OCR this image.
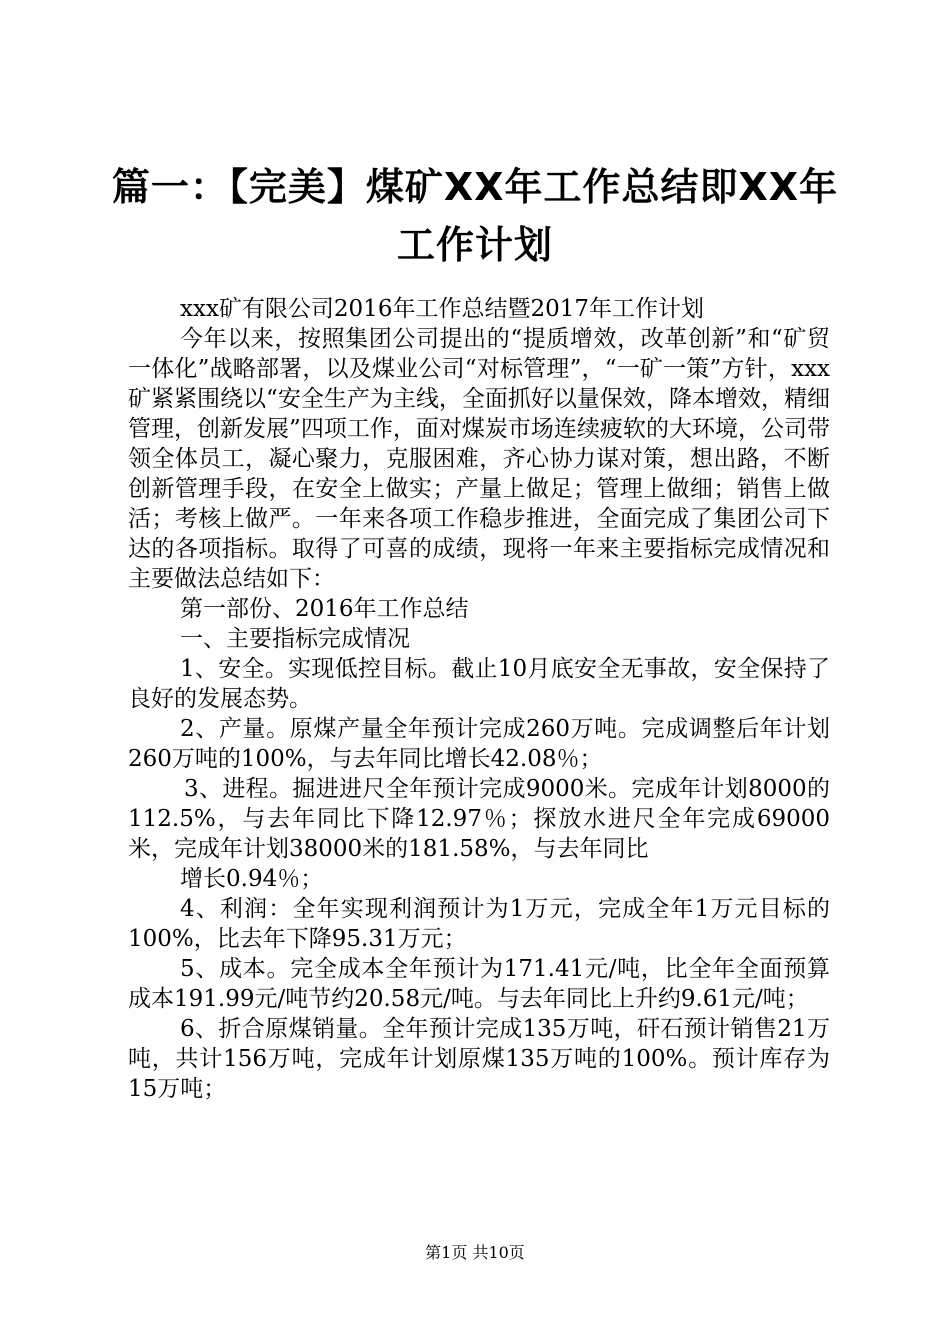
篇一：【完美】煤矿XX年工作总结即XX年工作计划

xxx矿有限公司2016年工作总结暨2017年工作计划

今年以来，按照集团公司提出的“提质增效，改革创新”和“矿贸一体化”战略部署，以及煤业公司“对标管理”，“一矿一策”方针，xxx矿紧紧围绕以“安全生产为主线，全面抓好以量保效，降本增效，精细管理，创新发展”四项工作，面对煤炭市场连续疲软的大环境，公司带领全体员工，凝心聚力，克服困难，齐心协力谋对策，想出路，不断创新管理手段，在安全上做实；产量上做足；管理上做细；销售上做活；考核上做严。一年来各项工作稳步推进，全面完成了集团公司下达的各项指标。取得了可喜的成绩，现将一年来主要指标完成情况和主要做法总结如下：

第一部份、2016年工作总结

一、主要指标完成情况

1、安全。实现低控目标。截止10月底安全无事故，安全保持了良好的发展态势。

2、产量。原煤产量全年预计完成260万吨。完成调整后年计划260万吨的100%，与去年同比增长42.08％；

3、进程。掘进进尺全年预计完成9000米。完成年计划8000的112.5%，与去年同比下降12.97％；探放水进尺全年完成69000米，完成年计划38000米的181.58%，与去年同比

增长0.94％；

4、利润：全年实现利润预计为1万元，完成全年1万元目标的100%，比去年下降95.31万元；

5、成本。完全成本全年预计为171.41元/吨，比全年全面预算成本191.99元/吨节约20.58元/吨。与去年同比上升约9.61元/吨；

6、折合原煤销量。全年预计完成135万吨，矸石预计销售21万吨，共计156万吨，完成年计划原煤135万吨的100%。预计库存为15万吨；

第1页 共10页
